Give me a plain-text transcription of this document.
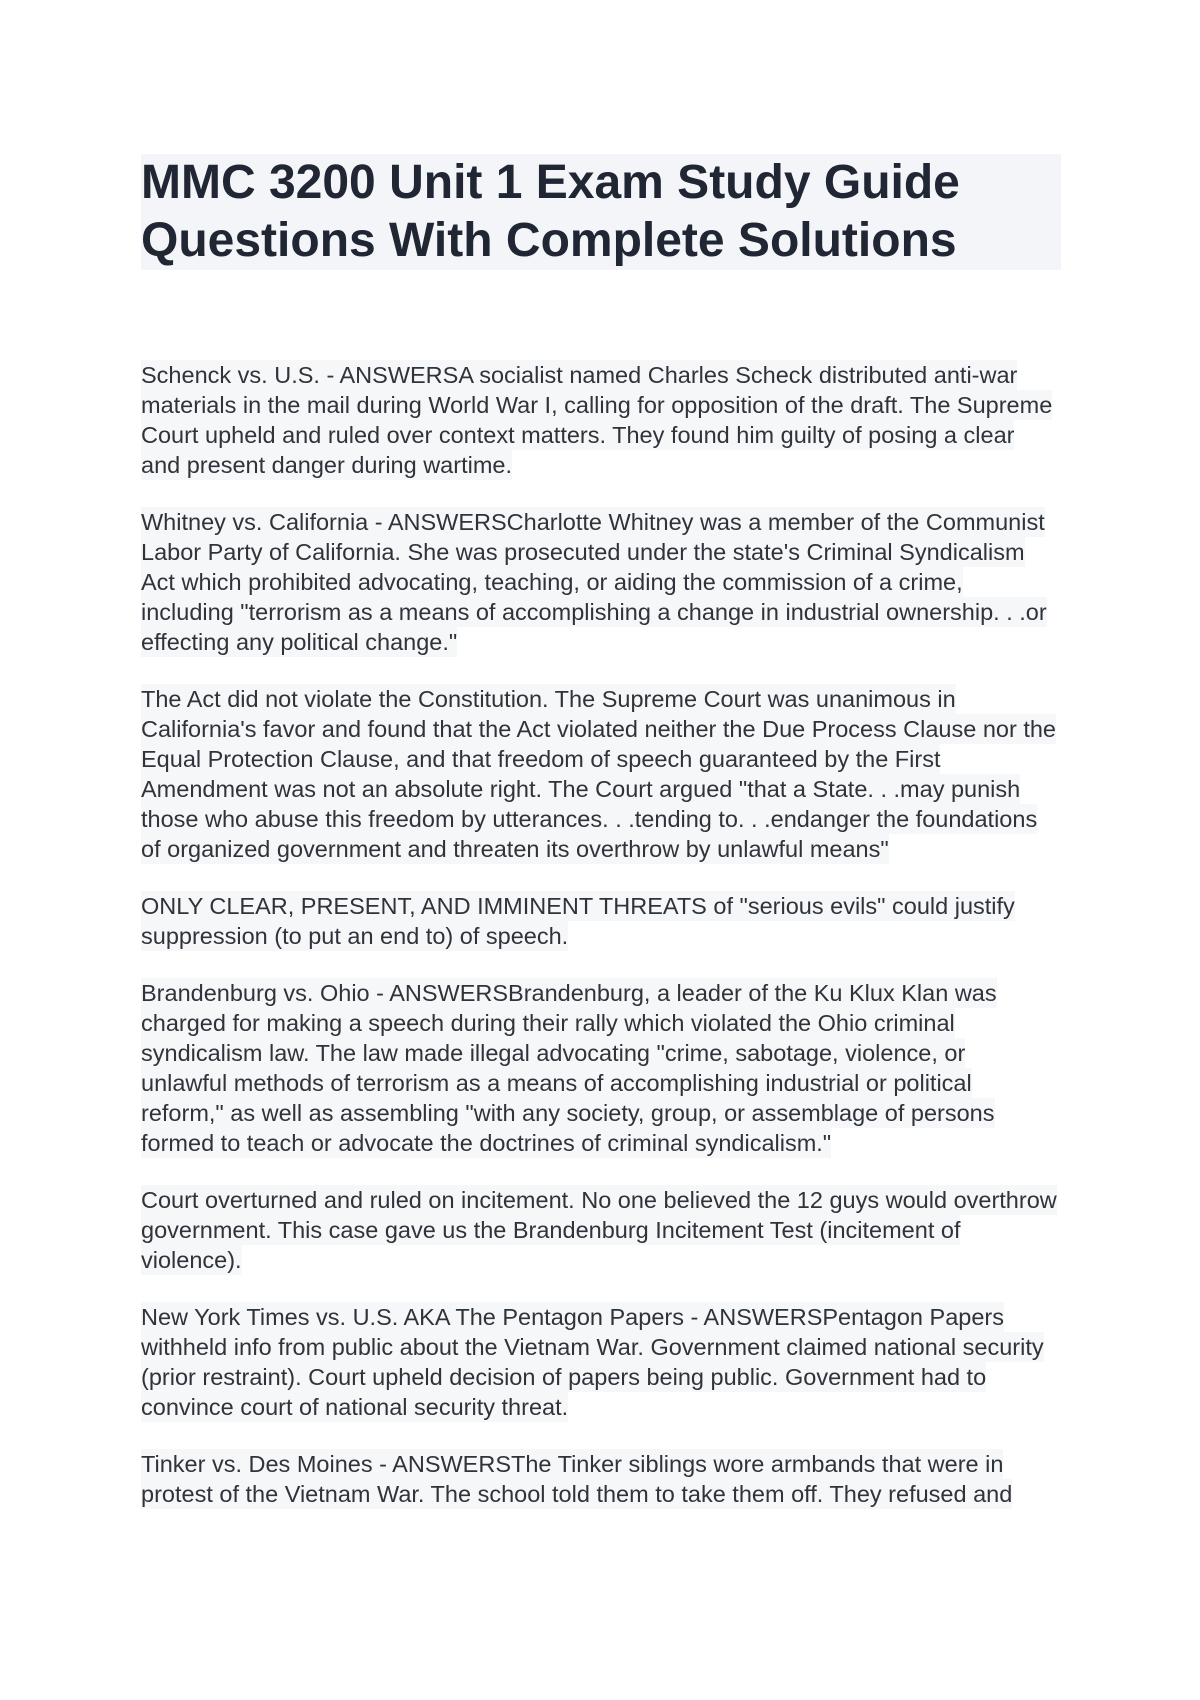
MMC 3200 Unit 1 Exam Study Guide
Questions With Complete Solutions
Schenck vs. U.S. - ANSWERSA socialist named Charles Scheck distributed anti-war
materials in the mail during World War I, calling for opposition of the draft. The Supreme
Court upheld and ruled over context matters. They found him guilty of posing a clear
and present danger during wartime.
Whitney vs. California - ANSWERSCharlotte Whitney was a member of the Communist
Labor Party of California. She was prosecuted under the state's Criminal Syndicalism
Act which prohibited advocating, teaching, or aiding the commission of a crime,
including "terrorism as a means of accomplishing a change in industrial ownership. . .or
effecting any political change."
The Act did not violate the Constitution. The Supreme Court was unanimous in
California's favor and found that the Act violated neither the Due Process Clause nor the
Equal Protection Clause, and that freedom of speech guaranteed by the First
Amendment was not an absolute right. The Court argued "that a State. . .may punish
those who abuse this freedom by utterances. . .tending to. . .endanger the foundations
of organized government and threaten its overthrow by unlawful means"
ONLY CLEAR, PRESENT, AND IMMINENT THREATS of "serious evils" could justify
suppression (to put an end to) of speech.
Brandenburg vs. Ohio - ANSWERSBrandenburg, a leader of the Ku Klux Klan was
charged for making a speech during their rally which violated the Ohio criminal
syndicalism law. The law made illegal advocating "crime, sabotage, violence, or
unlawful methods of terrorism as a means of accomplishing industrial or political
reform," as well as assembling "with any society, group, or assemblage of persons
formed to teach or advocate the doctrines of criminal syndicalism."
Court overturned and ruled on incitement. No one believed the 12 guys would overthrow
government. This case gave us the Brandenburg Incitement Test (incitement of
violence).
New York Times vs. U.S. AKA The Pentagon Papers - ANSWERSPentagon Papers
withheld info from public about the Vietnam War. Government claimed national security
(prior restraint). Court upheld decision of papers being public. Government had to
convince court of national security threat.
Tinker vs. Des Moines - ANSWERSThe Tinker siblings wore armbands that were in
protest of the Vietnam War. The school told them to take them off. They refused and
